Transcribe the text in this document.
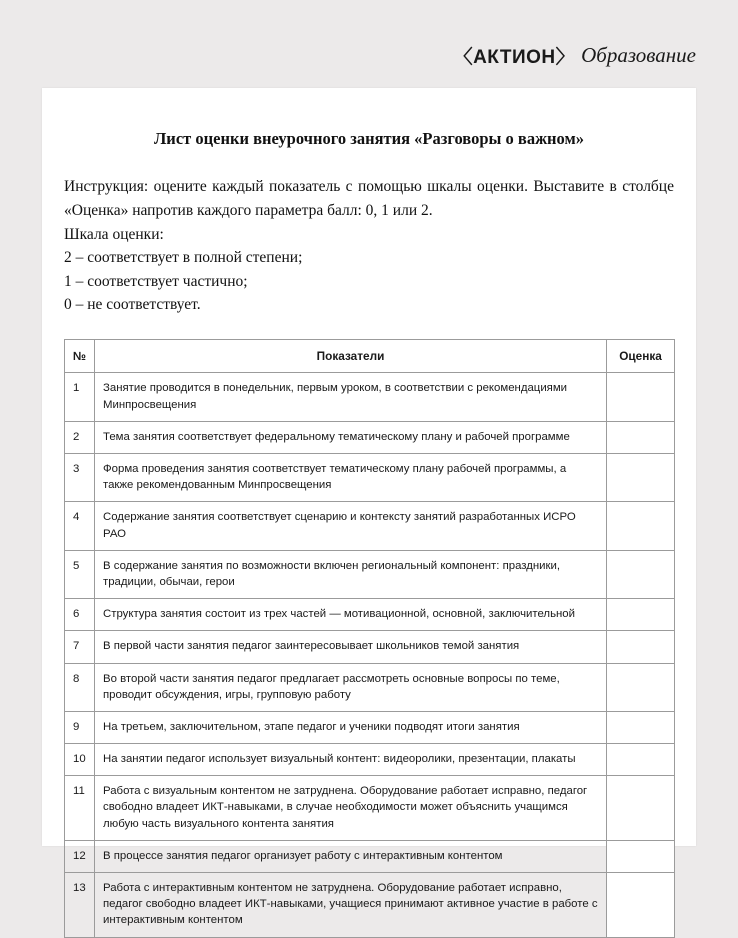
〈АКТИОН〉 Образование
Лист оценки внеурочного занятия «Разговоры о важном»

Инструкция: оцените каждый показатель с помощью шкалы оценки. Выставите в столбце «Оценка» напротив каждого параметра балл: 0, 1 или 2.

Шкала оценки:

2 – соответствует в полной степени;

1 – соответствует частично;

0 – не соответствует.

№	Показатели	Оценка
1	Занятие проводится в понедельник, первым уроком, в соответствии с рекомендациями Минпросвещения	
2	Тема занятия соответствует федеральному тематическому плану и рабочей программе	
3	Форма проведения занятия соответствует тематическому плану рабочей программы, а также рекомендованным Минпросвещения	
4	Содержание занятия соответствует сценарию и контексту занятий разработанных ИСРО РАО	
5	В содержание занятия по возможности включен региональный компонент: праздники, традиции, обычаи, герои	
6	Структура занятия состоит из трех частей — мотивационной, основной, заключительной	
7	В первой части занятия педагог заинтересовывает школьников темой занятия	
8	Во второй части занятия педагог предлагает рассмотреть основные вопросы по теме, проводит обсуждения, игры, групповую работу	
9	На третьем, заключительном, этапе педагог и ученики подводят итоги занятия	
10	На занятии педагог использует визуальный контент: видеоролики, презентации, плакаты	
11	Работа с визуальным контентом не затруднена. Оборудование работает исправно, педагог свободно владеет ИКТ-навыками, в случае необходимости может объяснить учащимся любую часть визуального контента занятия	
12	В процессе занятия педагог организует работу с интерактивным контентом	
13	Работа с интерактивным контентом не затруднена. Оборудование работает исправно, педагог свободно владеет ИКТ-навыками, учащиеся принимают активное участие в работе с интерактивным контентом	
